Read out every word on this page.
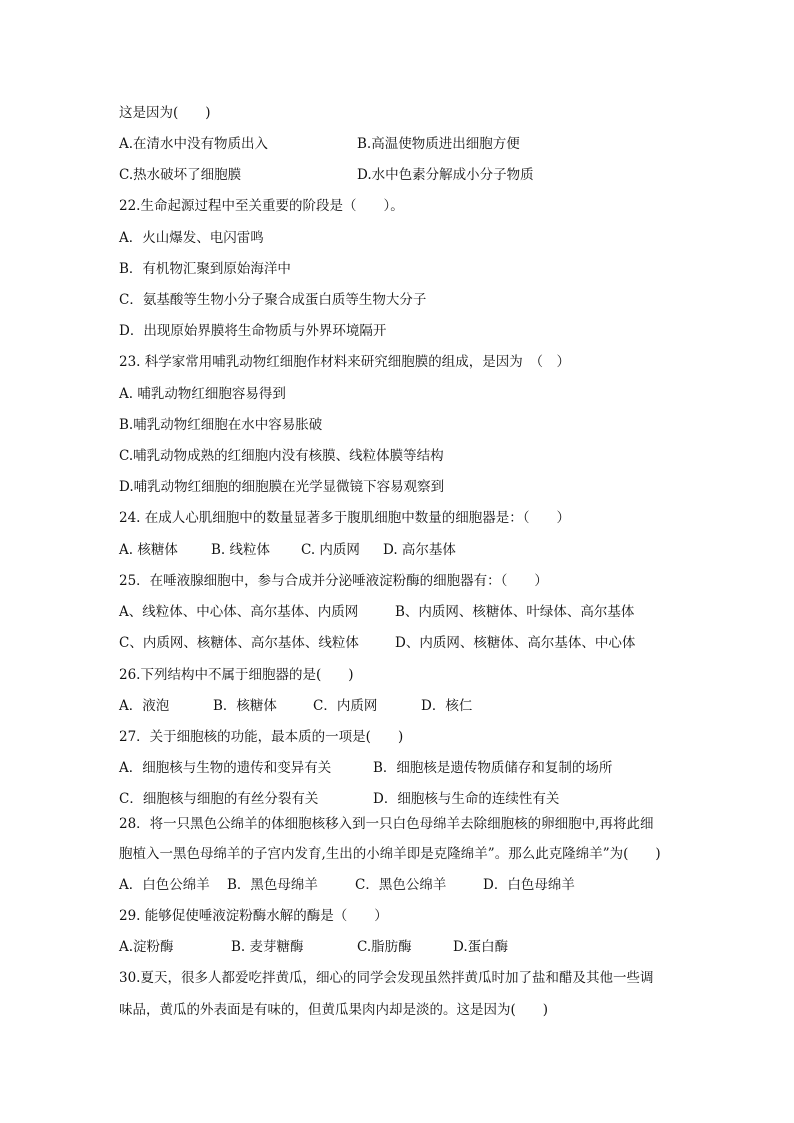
这是因为(　　)

A.在清水中没有物质出入

	B.高温使物质进出细胞方便

C.热水破坏了细胞膜

	D.水中色素分解成小分子物质

22.生命起源过程中至关重要的阶段是（　　）。
A．火山爆发、电闪雷鸣
B．有机物汇聚到原始海洋中
C．氨基酸等生物小分子聚合成蛋白质等生物大分子
D．出现原始界膜将生命物质与外界环境隔开
23. 科学家常用哺乳动物红细胞作材料来研究细胞膜的组成，是因为　（　）
A. 哺乳动物红细胞容易得到
B.哺乳动物红细胞在水中容易胀破
C.哺乳动物成熟的红细胞内没有核膜、线粒体膜等结构
D.哺乳动物红细胞的细胞膜在光学显微镜下容易观察到
24. 在成人心肌细胞中的数量显著多于腹肌细胞中数量的细胞器是：（　　）

A. 核糖体

B. 线粒体

C. 内质网

D. 高尔基体

25．在唾液腺细胞中，参与合成并分泌唾液淀粉酶的细胞器有：（　　）

A、线粒体、中心体、高尔基体、内质网

	B、内质网、核糖体、叶绿体、高尔基体

C、内质网、核糖体、高尔基体、线粒体

	D、内质网、核糖体、高尔基体、中心体

26.下列结构中不属于细胞器的是(　　)

A．液泡

	B．核糖体

	C．内质网

	D．核仁

27．关于细胞核的功能，最本质的一项是(　　)

A．细胞核与生物的遗传和变异有关

	B．细胞核是遗传物质储存和复制的场所

C．细胞核与细胞的有丝分裂有关

	D．细胞核与生命的连续性有关

28．将一只黑色公绵羊的体细胞核移入到一只白色母绵羊去除细胞核的卵细胞中,再将此细
胞植入一黑色母绵羊的子宫内发育,生出的小绵羊即是克隆绵羊”。那么此克隆绵羊”为(　　)

A．白色公绵羊

B．黑色母绵羊

	C．黑色公绵羊

	D．白色母绵羊

29. 能够促使唾液淀粉酶水解的酶是（　　）

A.淀粉酶

	B. 麦芽糖酶

	C.脂肪酶

	D.蛋白酶

30.夏天，很多人都爱吃拌黄瓜，细心的同学会发现虽然拌黄瓜时加了盐和醋及其他一些调
味品，黄瓜的外表面是有味的，但黄瓜果肉内却是淡的。这是因为(　　)
